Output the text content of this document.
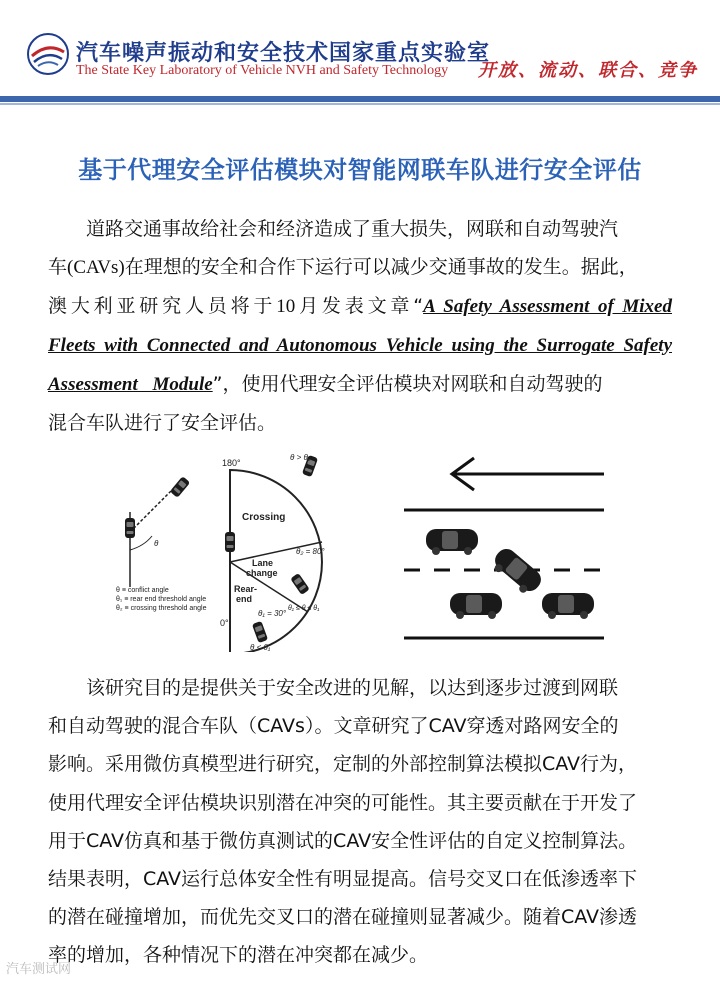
汽车噪声振动和安全技术国家重点实验室
The State Key Laboratory of Vehicle NVH and Safety Technology 开放、流动、联合、竞争
基于代理安全评估模块对智能网联车队进行安全评估

道路交通事故给社会和经济造成了重大损失，网联和自动驾驶汽

车(CAVs)在理想的安全和合作下运行可以减少交通事故的发生。据此，

澳大利亚研究人员将于10月发表文章“A Safety Assessment of Mixed

Fleets with Connected and Autonomous Vehicle using the Surrogate Safety

Assessment Module”，使用代理安全评估模块对网联和自动驾驶的

混合车队进行了安全评估。

180°
0°
θ > θ₂
Crossing
Lane
change
Rear-
end
θ₂ = 80°
θ₁ = 30°
θ₁ ≤ θ ≤ θ₁
θ < θ₁
θ
θ ≡ conflict angle
θ₁ ≡ rear end threshold angle
θ₂ ≡ crossing threshold angle

该研究目的是提供关于安全改进的见解，以达到逐步过渡到网联

和自动驾驶的混合车队（CAVs）。文章研究了CAV穿透对路网安全的

影响。采用微仿真模型进行研究，定制的外部控制算法模拟CAV行为，

使用代理安全评估模块识别潜在冲突的可能性。其主要贡献在于开发了

用于CAV仿真和基于微仿真测试的CAV安全性评估的自定义控制算法。

结果表明，CAV运行总体安全性有明显提高。信号交叉口在低渗透率下

的潜在碰撞增加，而优先交叉口的潜在碰撞则显著减少。随着CAV渗透

率的增加，各种情况下的潜在冲突都在减少。

汽车测试网
